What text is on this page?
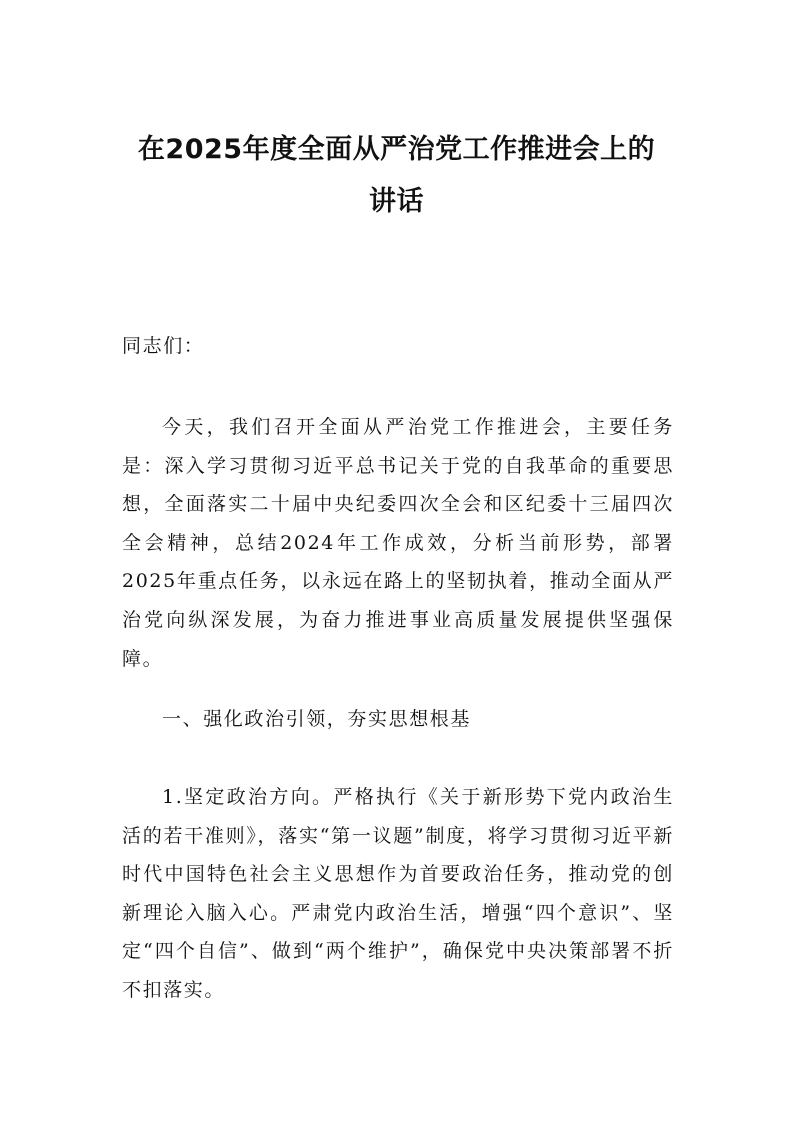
在2025年度全面从严治党工作推进会上的
讲话

同志们：

今天，我们召开全面从严治党工作推进会，主要任务是：深入学习贯彻习近平总书记关于党的自我革命的重要思想，全面落实二十届中央纪委四次全会和区纪委十三届四次全会精神，总结2024年工作成效，分析当前形势，部署2025年重点任务，以永远在路上的坚韧执着，推动全面从严治党向纵深发展，为奋力推进事业高质量发展提供坚强保障。

一、强化政治引领，夯实思想根基

1.坚定政治方向。严格执行《关于新形势下党内政治生活的若干准则》，落实“第一议题”制度，将学习贯彻习近平新时代中国特色社会主义思想作为首要政治任务，推动党的创新理论入脑入心。严肃党内政治生活，增强“四个意识”、坚定“四个自信”、做到“两个维护”，确保党中央决策部署不折不扣落实。
